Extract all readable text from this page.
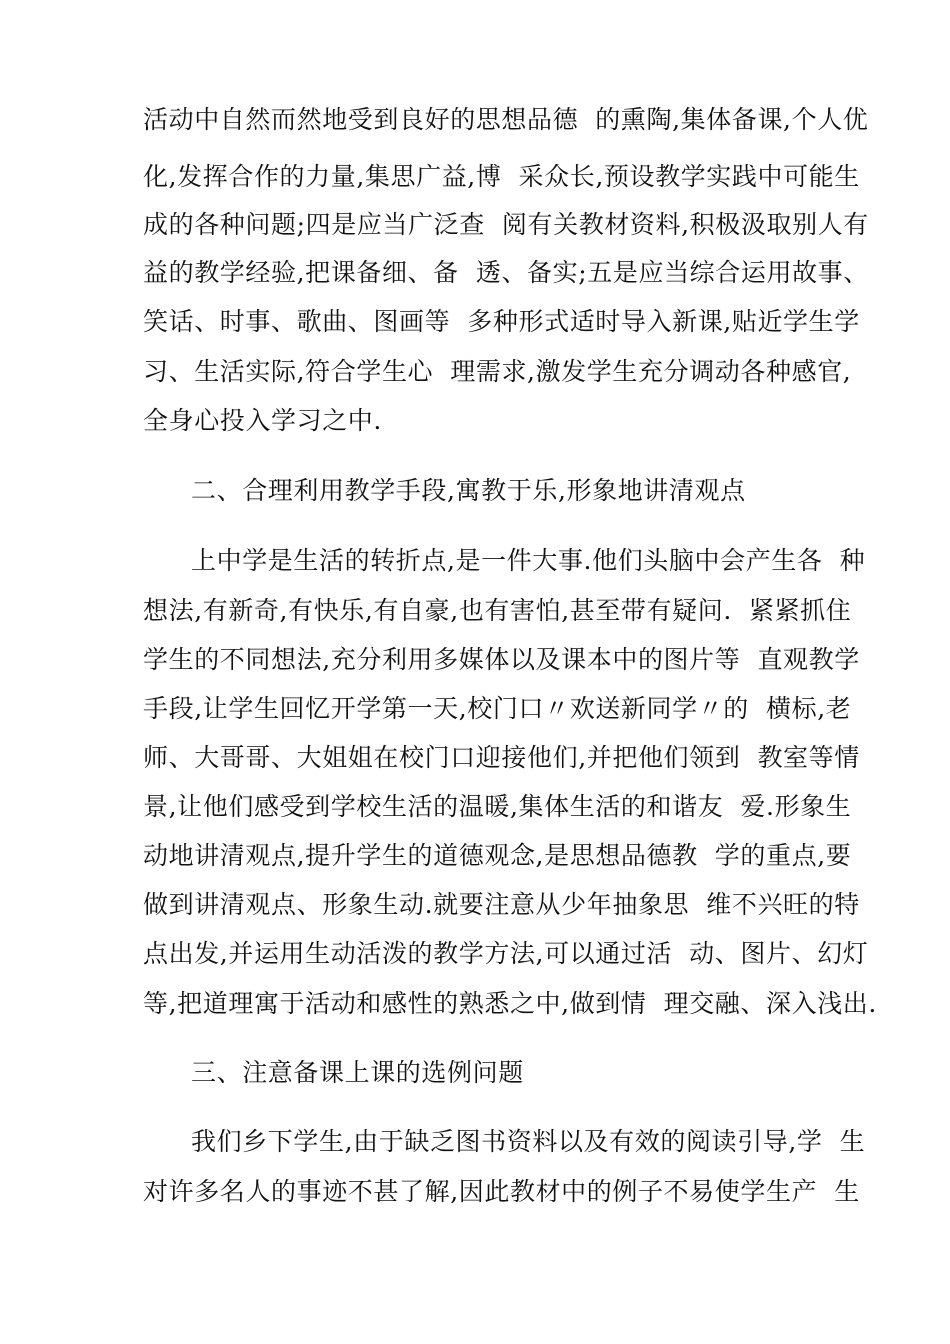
活动中自然而然地受到良好的思想品德  的熏陶,集体备课,个人优
化,发挥合作的力量,集思广益,博  采众长,预设教学实践中可能生
成的各种问题;四是应当广泛查  阅有关教材资料,积极汲取别人有
益的教学经验,把课备细、备  透、备实;五是应当综合运用故事、
笑话、时事、歌曲、图画等  多种形式适时导入新课,贴近学生学
习、生活实际,符合学生心  理需求,激发学生充分调动各种感官,
全身心投入学习之中.
二、合理利用教学手段,寓教于乐,形象地讲清观点
上中学是生活的转折点,是一件大事.他们头脑中会产生各  种
想法,有新奇,有快乐,有自豪,也有害怕,甚至带有疑问.  紧紧抓住
学生的不同想法,充分利用多媒体以及课本中的图片等  直观教学
手段,让学生回忆开学第一天,校门口〃欢送新同学〃的  横标,老
师、大哥哥、大姐姐在校门口迎接他们,并把他们领到  教室等情
景,让他们感受到学校生活的温暖,集体生活的和谐友  爱.形象生
动地讲清观点,提升学生的道德观念,是思想品德教  学的重点,要
做到讲清观点、形象生动.就要注意从少年抽象思  维不兴旺的特
点出发,并运用生动活泼的教学方法,可以通过活  动、图片、幻灯
等,把道理寓于活动和感性的熟悉之中,做到情  理交融、深入浅出.
三、注意备课上课的选例问题
我们乡下学生,由于缺乏图书资料以及有效的阅读引导,学  生
对许多名人的事迹不甚了解,因此教材中的例子不易使学生产  生
